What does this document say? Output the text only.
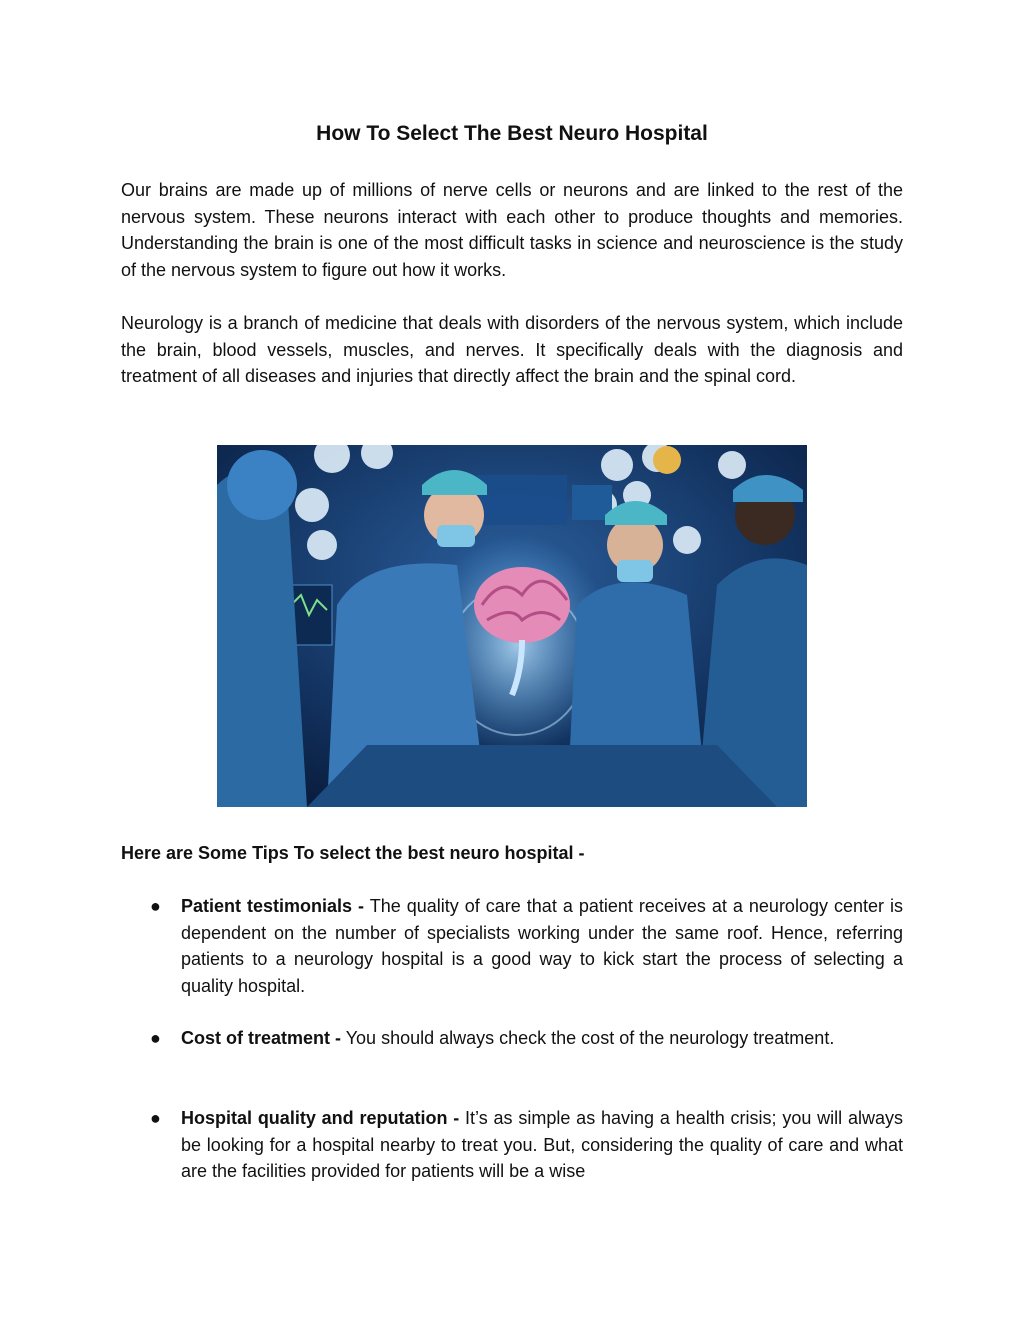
How To Select The Best Neuro Hospital

Our brains are made up of millions of nerve cells or neurons and are linked to the rest of the nervous system. These neurons interact with each other to produce thoughts and memories. Understanding the brain is one of the most difficult tasks in science and neuroscience is the study of the nervous system to figure out how it works.

Neurology is a branch of medicine that deals with disorders of the nervous system, which include the brain, blood vessels, muscles, and nerves. It specifically deals with the diagnosis and treatment of all diseases and injuries that directly affect the brain and the spinal cord.

Here are Some Tips To select the best neuro hospital -

● Patient testimonials - The quality of care that a patient receives at a neurology center is dependent on the number of specialists working under the same roof. Hence, referring patients to a neurology hospital is a good way to kick start the process of selecting a quality hospital.

● Cost of treatment - You should always check the cost of the neurology treatment.

● Hospital quality and reputation - It’s as simple as having a health crisis; you will always be looking for a hospital nearby to treat you. But, considering the quality of care and what are the facilities provided for patients will be a wise
